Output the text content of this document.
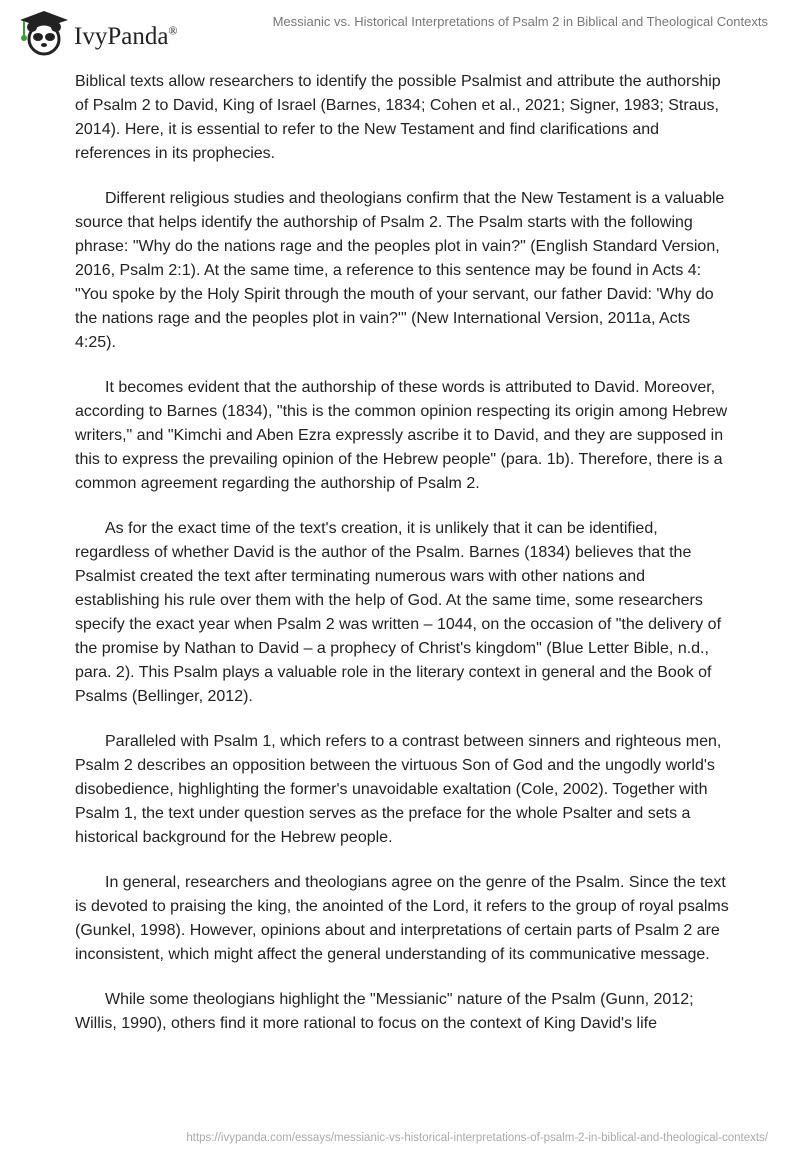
IvyPanda®
Messianic vs. Historical Interpretations of Psalm 2 in Biblical and Theological Contexts

Biblical texts allow researchers to identify the possible Psalmist and attribute the authorship of Psalm 2 to David, King of Israel (Barnes, 1834; Cohen et al., 2021; Signer, 1983; Straus, 2014). Here, it is essential to refer to the New Testament and find clarifications and references in its prophecies.

Different religious studies and theologians confirm that the New Testament is a valuable source that helps identify the authorship of Psalm 2. The Psalm starts with the following phrase: "Why do the nations rage and the peoples plot in vain?" (English Standard Version, 2016, Psalm 2:1). At the same time, a reference to this sentence may be found in Acts 4: "You spoke by the Holy Spirit through the mouth of your servant, our father David: 'Why do the nations rage and the peoples plot in vain?'" (New International Version, 2011a, Acts 4:25).

It becomes evident that the authorship of these words is attributed to David. Moreover, according to Barnes (1834), "this is the common opinion respecting its origin among Hebrew writers," and "Kimchi and Aben Ezra expressly ascribe it to David, and they are supposed in this to express the prevailing opinion of the Hebrew people" (para. 1b). Therefore, there is a common agreement regarding the authorship of Psalm 2.

As for the exact time of the text's creation, it is unlikely that it can be identified, regardless of whether David is the author of the Psalm. Barnes (1834) believes that the Psalmist created the text after terminating numerous wars with other nations and establishing his rule over them with the help of God. At the same time, some researchers specify the exact year when Psalm 2 was written – 1044, on the occasion of "the delivery of the promise by Nathan to David – a prophecy of Christ's kingdom" (Blue Letter Bible, n.d., para. 2). This Psalm plays a valuable role in the literary context in general and the Book of Psalms (Bellinger, 2012).

Paralleled with Psalm 1, which refers to a contrast between sinners and righteous men, Psalm 2 describes an opposition between the virtuous Son of God and the ungodly world's disobedience, highlighting the former's unavoidable exaltation (Cole, 2002). Together with Psalm 1, the text under question serves as the preface for the whole Psalter and sets a historical background for the Hebrew people.

In general, researchers and theologians agree on the genre of the Psalm. Since the text is devoted to praising the king, the anointed of the Lord, it refers to the group of royal psalms (Gunkel, 1998). However, opinions about and interpretations of certain parts of Psalm 2 are inconsistent, which might affect the general understanding of its communicative message.

While some theologians highlight the "Messianic" nature of the Psalm (Gunn, 2012; Willis, 1990), others find it more rational to focus on the context of King David's life

https://ivypanda.com/essays/messianic-vs-historical-interpretations-of-psalm-2-in-biblical-and-theological-contexts/
